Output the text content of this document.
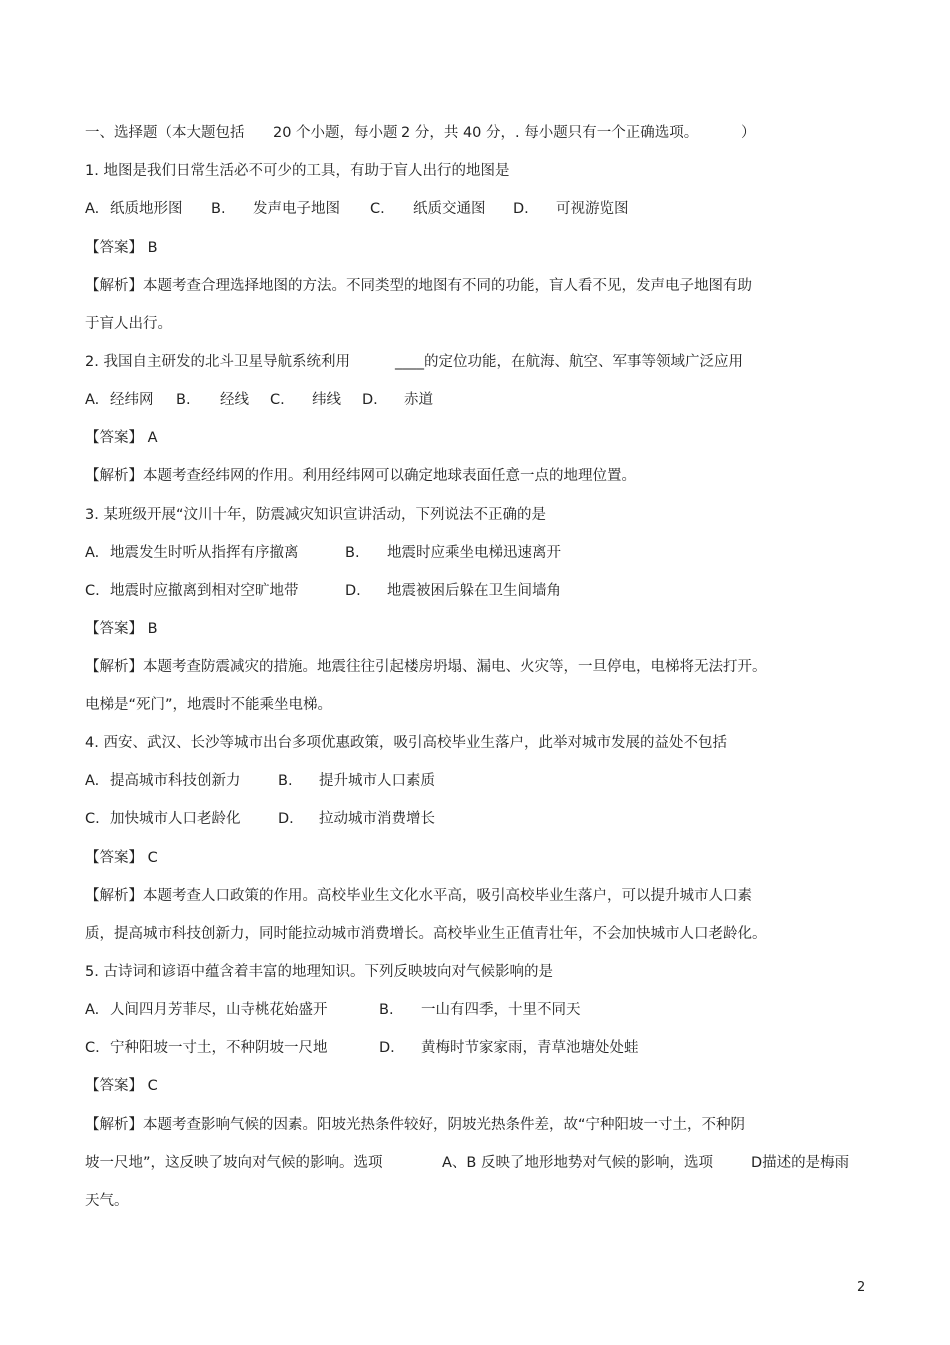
一、选择题（本大题包括 20 个小题，每小题 2 分，共 40 分，. 每小题只有一个正确选项。	）
1. 地图是我们日常生活必不可少的工具，有助于盲人出行的地图是
A. 纸质地形图 B. 发声电子地图 C. 纸质交通图 D. 可视游览图
【答案】 B
【解析】本题考查合理选择地图的方法。不同类型的地图有不同的功能，盲人看不见，发声电子地图有助
于盲人出行。
2. 我国自主研发的北斗卫星导航系统利用	____的定位功能，在航海、航空、军事等领域广泛应用
A. 经纬网 B. 经线 C. 纬线 D. 赤道
【答案】 A
【解析】本题考查经纬网的作用。利用经纬网可以确定地球表面任意一点的地理位置。
3. 某班级开展“汶川十年，防震减灾知识宣讲活动，下列说法不正确的是
A. 地震发生时听从指挥有序撤离	B. 地震时应乘坐电梯迅速离开
C. 地震时应撤离到相对空旷地带	D. 地震被困后躲在卫生间墙角
【答案】 B
【解析】本题考查防震减灾的措施。地震往往引起楼房坍塌、漏电、火灾等，一旦停电，电梯将无法打开。
电梯是“死门”，地震时不能乘坐电梯。
4. 西安、武汉、长沙等城市出台多项优惠政策，吸引高校毕业生落户，此举对城市发展的益处不包括
A. 提高城市科技创新力	B. 提升城市人口素质
C. 加快城市人口老龄化	D. 拉动城市消费增长
【答案】 C
【解析】本题考查人口政策的作用。高校毕业生文化水平高，吸引高校毕业生落户，可以提升城市人口素
质，提高城市科技创新力，同时能拉动城市消费增长。高校毕业生正值青壮年，不会加快城市人口老龄化。
5. 古诗词和谚语中蕴含着丰富的地理知识。下列反映坡向对气候影响的是
A. 人间四月芳菲尽，山寺桃花始盛开	B. 一山有四季，十里不同天
C. 宁种阳坡一寸土，不种阴坡一尺地	D. 黄梅时节家家雨，青草池塘处处蛙
【答案】 C
【解析】本题考查影响气候的因素。阳坡光热条件较好，阴坡光热条件差，故“宁种阳坡一寸土，不种阴
坡一尺地”，这反映了坡向对气候的影响。选项	A、B 反映了地形地势对气候的影响，选项	D描述的是梅雨
天气。
2
